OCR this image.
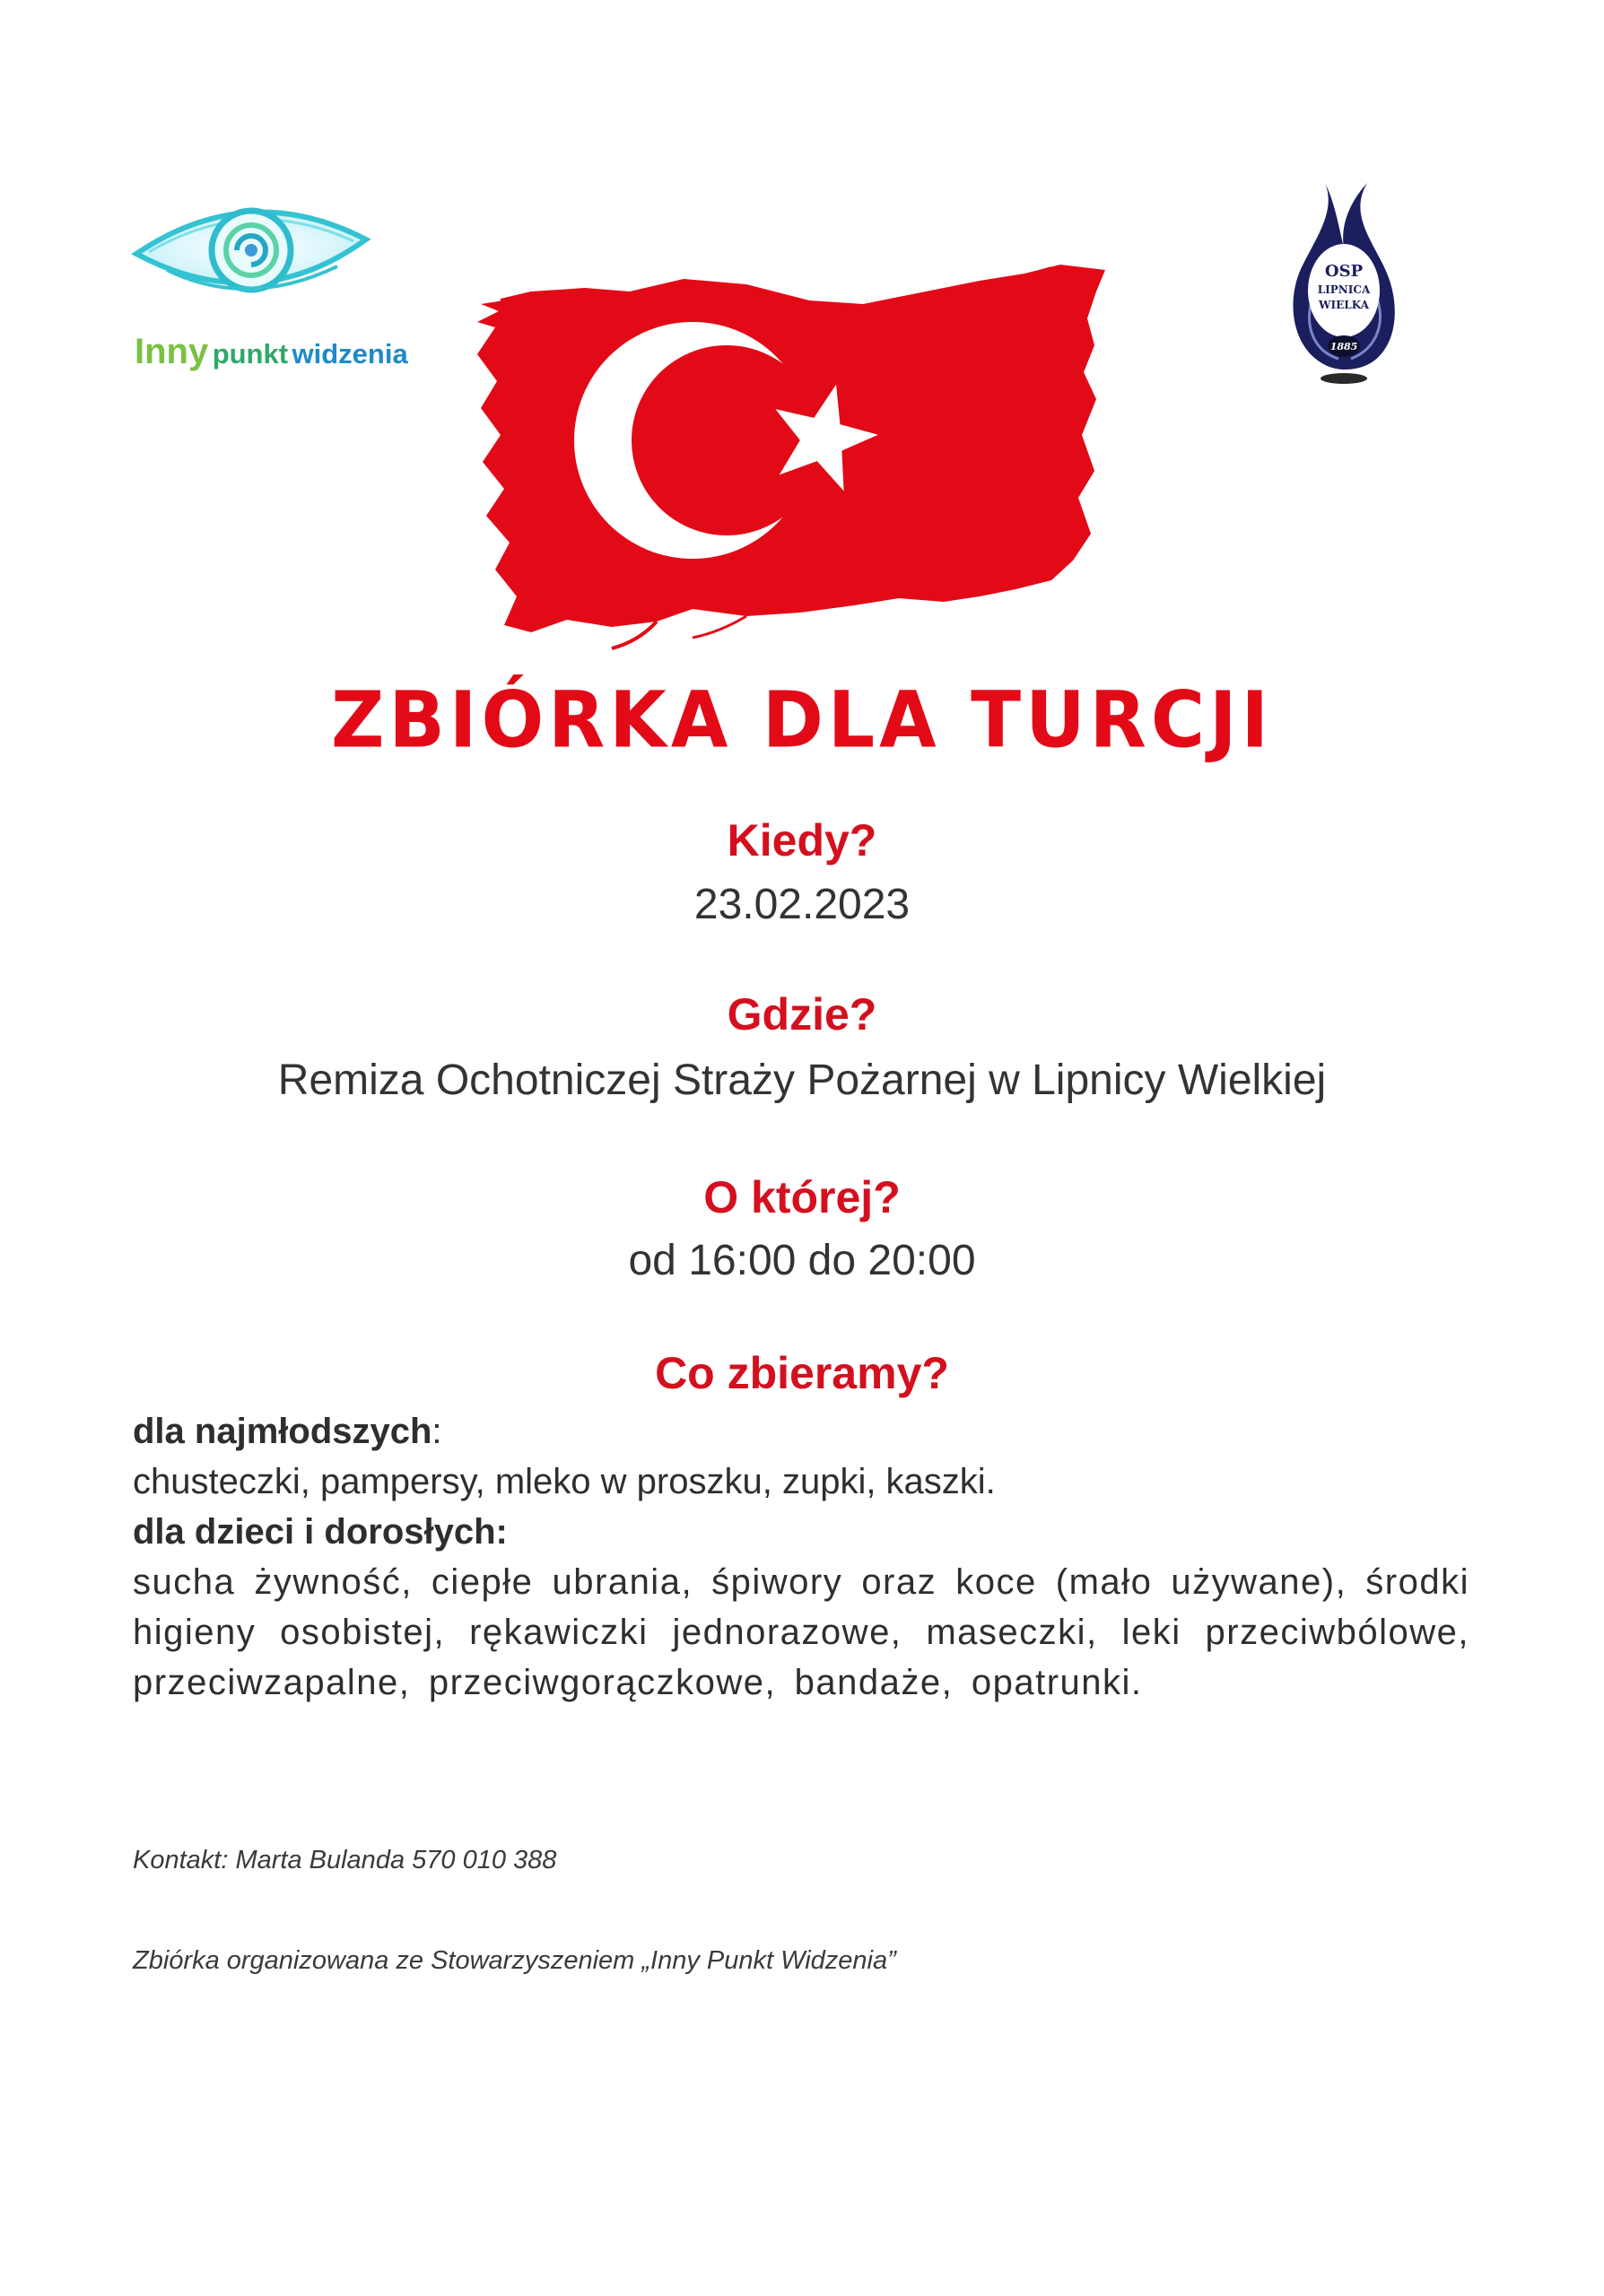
Inny punkt widzenia
OSP
LIPNICA
WIELKA
1885
ZBIÓRKA DLA TURCJI
Kiedy?
23.02.2023
Gdzie?
Remiza Ochotniczej Straży Pożarnej w Lipnicy Wielkiej
O której?
od 16:00 do 20:00
Co zbieramy?
dla najmłodszych:
chusteczki, pampersy, mleko w proszku, zupki, kaszki.
dla dzieci i dorosłych:
sucha żywność, ciepłe ubrania, śpiwory oraz koce (mało używane), środki higieny osobistej, rękawiczki jednorazowe, maseczki, leki przeciwbólowe, przeciwzapalne, przeciwgorączkowe, bandaże, opatrunki.
Kontakt: Marta Bulanda 570 010 388
Zbiórka organizowana ze Stowarzyszeniem „Inny Punkt Widzenia”
